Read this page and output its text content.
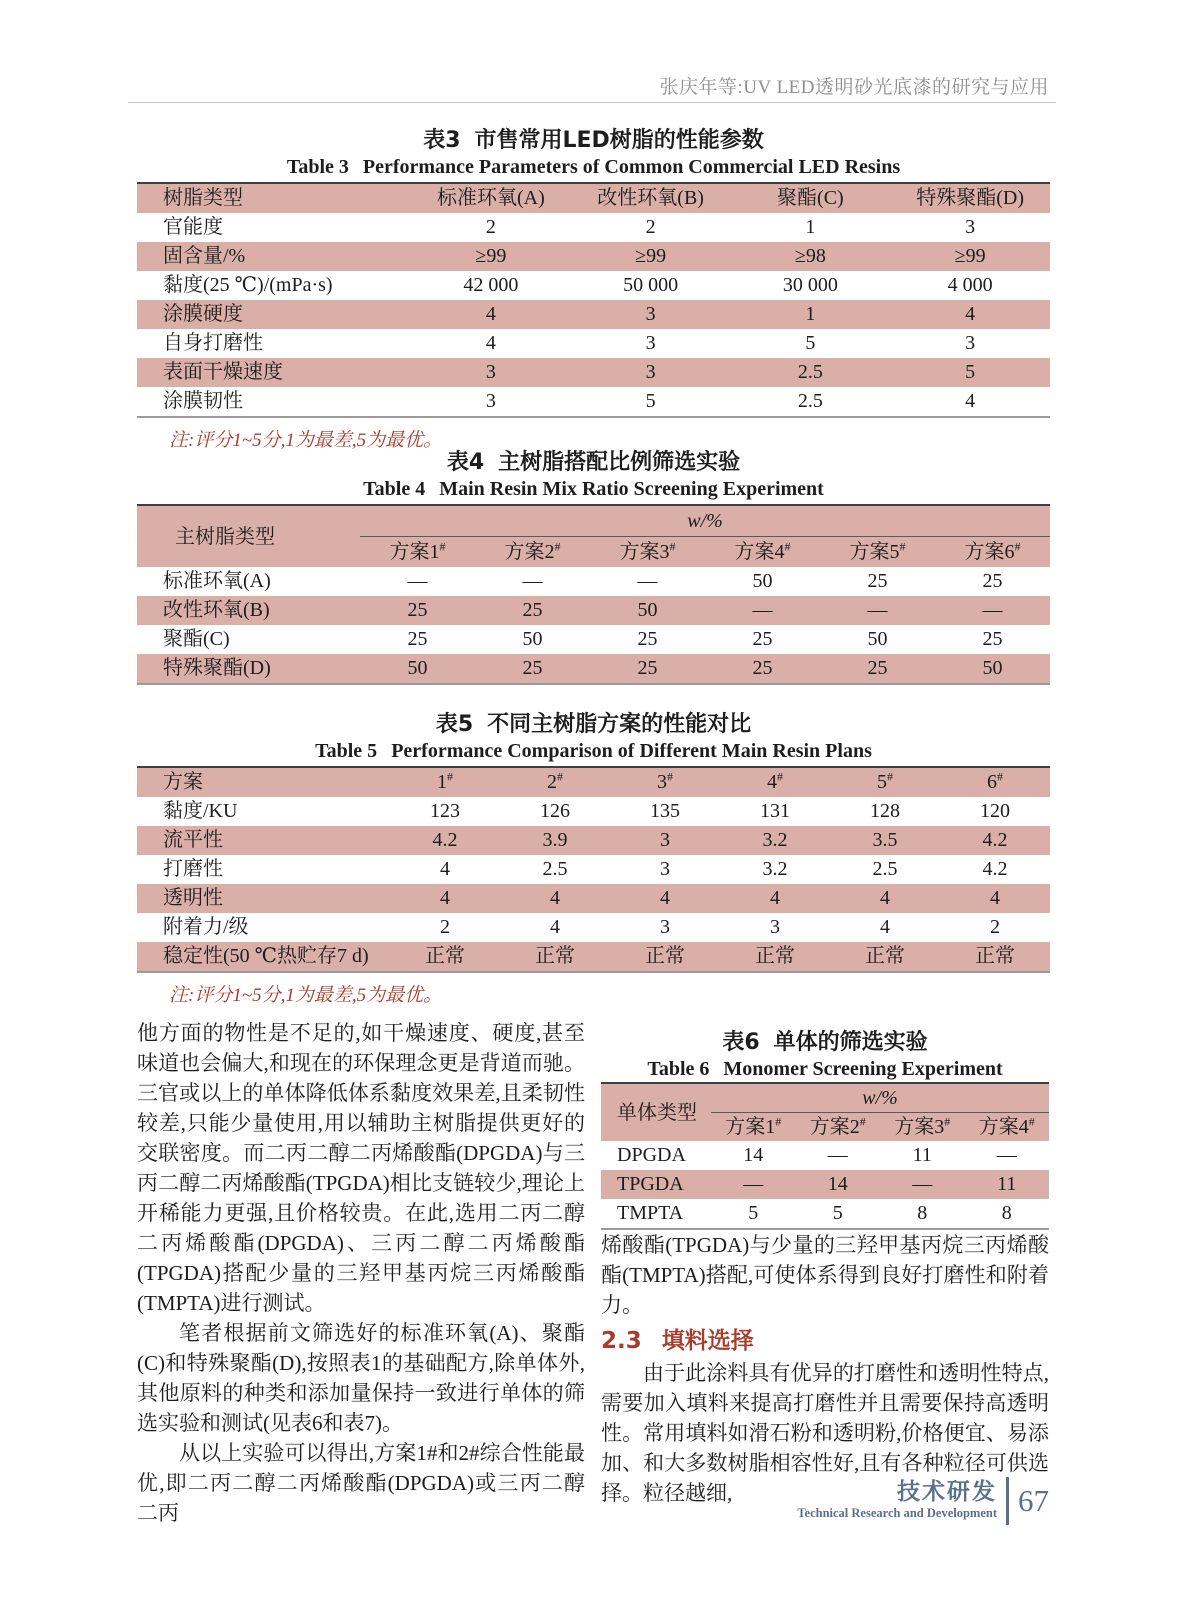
张庆年等:UV LED透明砂光底漆的研究与应用
表3 市售常用LED树脂的性能参数
Table 3 Performance Parameters of Common Commercial LED Resins
树脂类型	标准环氧(A)	改性环氧(B)	聚酯(C)	特殊聚酯(D)
官能度	2	2	1	3
固含量/%	≥99	≥99	≥98	≥99
黏度(25 ℃)/(mPa·s)	42 000	50 000	30 000	4 000
涂膜硬度	4	3	1	4
自身打磨性	4	3	5	3
表面干燥速度	3	3	2.5	5
涂膜韧性	3	5	2.5	4
注:评分1~5分,1为最差,5为最优。
表4 主树脂搭配比例筛选实验
Table 4 Main Resin Mix Ratio Screening Experiment
主树脂类型	w/%					
	方案1#	方案2#	方案3#	方案4#	方案5#	方案6#
标准环氧(A)	—	—	—	50	25	25
改性环氧(B)	25	25	50	—	—	—
聚酯(C)	25	50	25	25	50	25
特殊聚酯(D)	50	25	25	25	25	50
表5 不同主树脂方案的性能对比
Table 5 Performance Comparison of Different Main Resin Plans
方案	1#	2#	3#	4#	5#	6#
黏度/KU	123	126	135	131	128	120
流平性	4.2	3.9	3	3.2	3.5	4.2
打磨性	4	2.5	3	3.2	2.5	4.2
透明性	4	4	4	4	4	4
附着力/级	2	4	3	3	4	2
稳定性(50 ℃热贮存7 d)	正常	正常	正常	正常	正常	正常
注:评分1~5分,1为最差,5为最优。

他方面的物性是不足的,如干燥速度、硬度,甚至味道也会偏大,和现在的环保理念更是背道而驰。三官或以上的单体降低体系黏度效果差,且柔韧性较差,只能少量使用,用以辅助主树脂提供更好的交联密度。而二丙二醇二丙烯酸酯(DPGDA)与三丙二醇二丙烯酸酯(TPGDA)相比支链较少,理论上开稀能力更强,且价格较贵。在此,选用二丙二醇二丙烯酸酯(DPGDA)、三丙二醇二丙烯酸酯(TPGDA)搭配少量的三羟甲基丙烷三丙烯酸酯(TMPTA)进行测试。

笔者根据前文筛选好的标准环氧(A)、聚酯(C)和特殊聚酯(D),按照表1的基础配方,除单体外,其他原料的种类和添加量保持一致进行单体的筛选实验和测试(见表6和表7)。

从以上实验可以得出,方案1#和2#综合性能最优,即二丙二醇二丙烯酸酯(DPGDA)或三丙二醇二丙

表6 单体的筛选实验
Table 6 Monomer Screening Experiment
单体类型	w/%			
	方案1#	方案2#	方案3#	方案4#
DPGDA	14	—	11	—
TPGDA	—	14	—	11
TMPTA	5	5	8	8

烯酸酯(TPGDA)与少量的三羟甲基丙烷三丙烯酸酯(TMPTA)搭配,可使体系得到良好打磨性和附着力。

2.3 填料选择

由于此涂料具有优异的打磨性和透明性特点,需要加入填料来提高打磨性并且需要保持高透明性。常用填料如滑石粉和透明粉,价格便宜、易添加、和大多数树脂相容性好,且有各种粒径可供选择。粒径越细,	技术研发
Technical Research and Development 67
